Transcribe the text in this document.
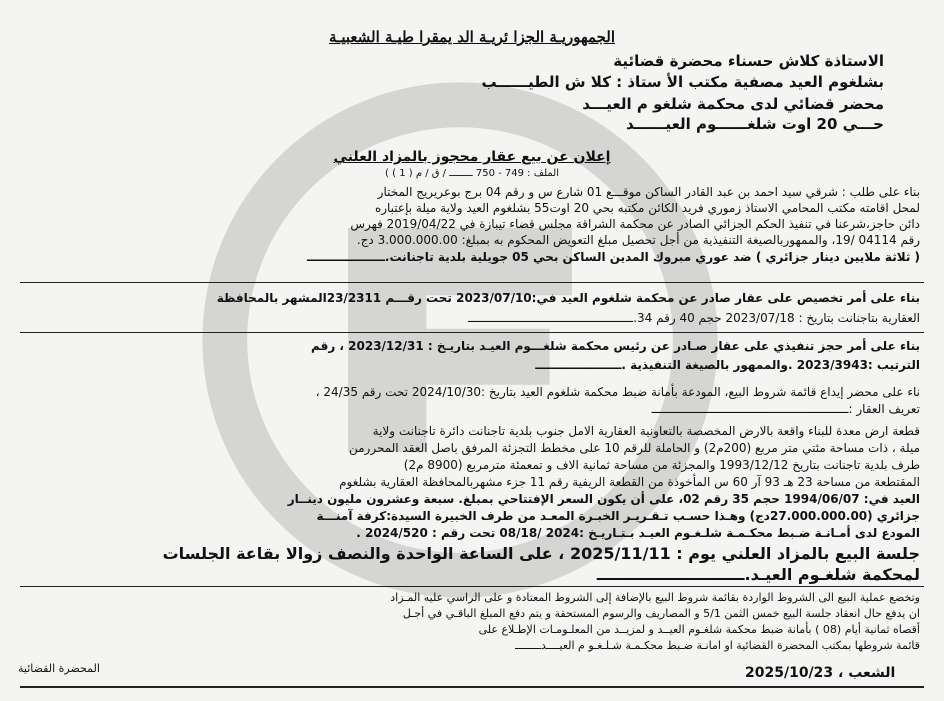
الجمهوريـة الجزا ئريـة الد يمقرا طيـة الشعبيـة
الاستاذة كلاش حسناء محضرة قضائية
بشلغوم العيد مصفية مكتب الأ ستاذ : كلا ش الطيــــــب
محضر قضائي لدى محكمة شلغو م العيـــد
حـــي 20 اوت شلغــــــوم العيــــــد
إعلان عن بيع عقار محجوز بالمزاد العلني
( الملف : 749 - 750 ــــــــ / ق / م ( 1 )
بناء على طلب : شرقي سيد احمد بن عبد القادر الساكن موقـــع 01 شارع س و رقم 04 برج بوعريريج المختار
لمحل اقامته مكتب المحامي الاستاذ زموري فريد الكائن مكتبه بحي 20 اوت55 بشلغوم العيد ولاية ميلة بإعتباره
دائن حاجز،شرعنا في تنفيذ الحكم الجزائي الصادر عن محكمة الشراقة مجلس قضاء تيبازة في 2019/04/22 فهرس
رقم 04114 /19، والممهوربالصيغة التنفيذية من أجل تحصيل مبلغ التعويض المحكوم به بمبلغ: 3.000.000.00 دج.
( ثلاثة ملايين دينار جزائري ) ضد عوري مبروك المدين الساكن بحي 05 جويلية بلدية تاجنانت.ـــــــــــــــــــ
بناء على أمر تخصيص على عقار صادر عن محكمة شلغوم العيد في:2023/07/10 تحت رقـــم 23/2311المشهر بالمحافظة
العقارية بتاجنانت بتاريخ : 2023/07/18 حجم 40 رقم 34.ـــــــــــــــــــــــــــــــــــــــــــــــ
بناء على أمر حجز تنفيذي على عقار صـادر عن رئيس محكمة شلغـــوم العيـد بتاريـخ : 2023/12/31 ، رقم
الترتيب :2023/3943 .والممهور بالصيغة التنفيذية .ـــــــــــــــــــــ
ناء على محضر إيداع قائمة شروط البيع، المودعة بأمانة ضبط محكمة شلغوم العيد بتاريخ :2024/10/30 تحت رقم 24/35 ،
تعريف العقار :ــــــــــــــــــــــــــــــــــــــــــــــــــــــــ
قطعة ارض معدة للبناء واقعة بالارض المخصصة بالتعاونية العقارية الامل جنوب بلدية تاجنانت دائرة تاجنانت ولاية
ميلة ، ذات مساحة مئتي متر مربع (200م2) و الحاملة للرقم 10 على مخطط التجزئة المرفق باصل العقد المحررمن
طرف بلدية تاجنانت بتاريخ 1993/12/12 والمجزئة من مساحة ثمانية الاف و تمعمئة مترمربع (8900 م2)
المقتطعة من مساحة 23 هـ 93 آر 60 س المأخوذة من القطعة الريفية رقم 11 جزء مشهربالمحافظة العقارية بشلغوم
العيد في: 1994/06/07 حجم 35 رقم 02، على أن يكون السعر الإفتتاحي بمبلغ. سبعة وعشرون مليون دينــار
جزائري (27.000.000.00دج) وهـذا حسـب تـقـريـر الخبـرة المعـد من طرف الخبيرة السيدة:كرفة آمنـــة
المودع لدى أمـانـة ضـبط محكـمـة شلـغـوم العيـد بـتـاريـخ :2024 /08/18 تحت رقم : 2024/520 .
جلسة البيع بالمزاد العلني يوم : 2025/11/11 ، على الساعة الواحدة والنصف زوالا بقاعة الجلسات
لمحكمة شلغـوم العيـد.ـــــــــــــــــــــــــــ
وتخضع عملية البيع الى الشروط الواردة بقائمة شروط البيع بالإضافة إلى الشروط المعتادة و على الراسي عليه المـزاد
ان يدفع حال انعقاد جلسة البيع خمس الثمن 5/1 و المصاريف والرسوم المستحقة و يتم دفع المبلغ الباقـي في أجـل
أقصاه ثمانية أيام (08 ) بأمانة ضبط محكمة شلغـوم العيــد و لمزيــد من المعلـومـات الإطـلاع على
قائمة شروطها بمكتب المحضرة القضائية او امانـة ضـبط محكـمـة شـلـغـو م العيــــدــــــــ
المحضرة القضائية	الشعب ، 2025/10/23
